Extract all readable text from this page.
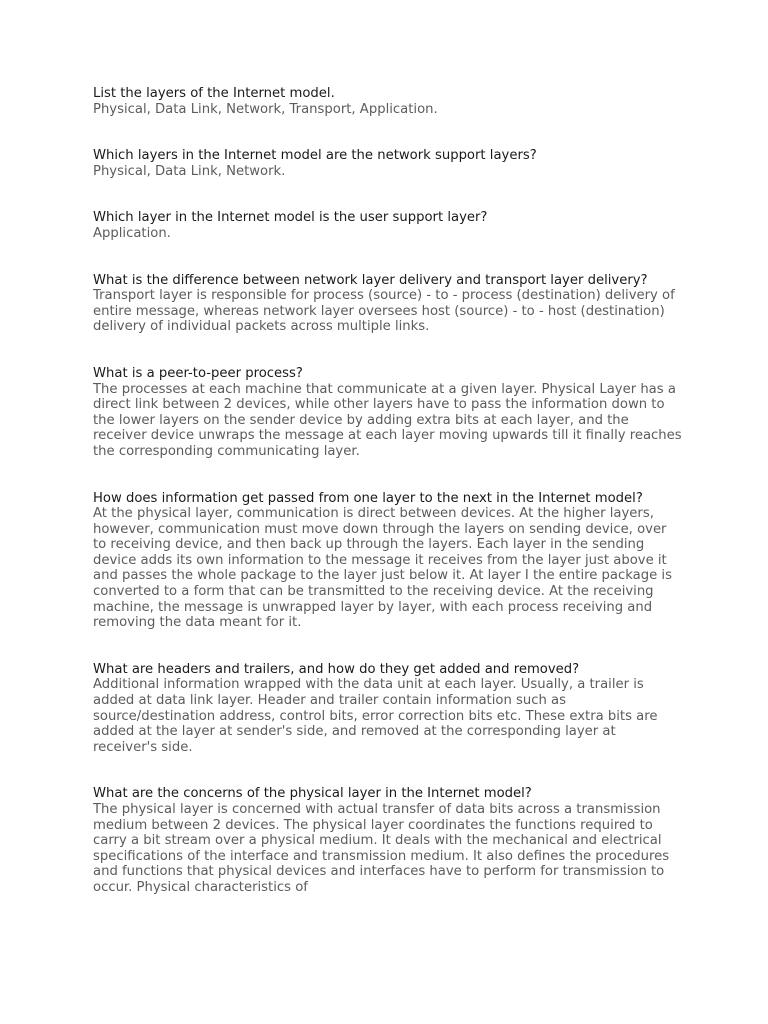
List the layers of the Internet model.

Physical, Data Link, Network, Transport, Application.

Which layers in the Internet model are the network support layers?

Physical, Data Link, Network.

Which layer in the Internet model is the user support layer?

Application.

What is the difference between network layer delivery and transport layer delivery?

Transport layer is responsible for process (source) - to - process (destination) delivery of entire message, whereas network layer oversees host (source) - to - host (destination) delivery of individual packets across multiple links.

What is a peer-to-peer process?

The processes at each machine that communicate at a given layer. Physical Layer has a direct link between 2 devices, while other layers have to pass the information down to the lower layers on the sender device by adding extra bits at each layer, and the receiver device unwraps the message at each layer moving upwards till it finally reaches the corresponding communicating layer.

How does information get passed from one layer to the next in the Internet model?

At the physical layer, communication is direct between devices. At the higher layers, however, communication must move down through the layers on sending device, over to receiving device, and then back up through the layers. Each layer in the sending device adds its own information to the message it receives from the layer just above it and passes the whole package to the layer just below it. At layer I the entire package is converted to a form that can be transmitted to the receiving device. At the receiving machine, the message is unwrapped layer by layer, with each process receiving and removing the data meant for it.

What are headers and trailers, and how do they get added and removed?

Additional information wrapped with the data unit at each layer. Usually, a trailer is added at data link layer. Header and trailer contain information such as source/destination address, control bits, error correction bits etc. These extra bits are added at the layer at sender's side, and removed at the corresponding layer at receiver's side.

What are the concerns of the physical layer in the Internet model?

The physical layer is concerned with actual transfer of data bits across a transmission medium between 2 devices. The physical layer coordinates the functions required to carry a bit stream over a physical medium. It deals with the mechanical and electrical specifications of the interface and transmission medium. It also defines the procedures and functions that physical devices and interfaces have to perform for transmission to occur. Physical characteristics of
